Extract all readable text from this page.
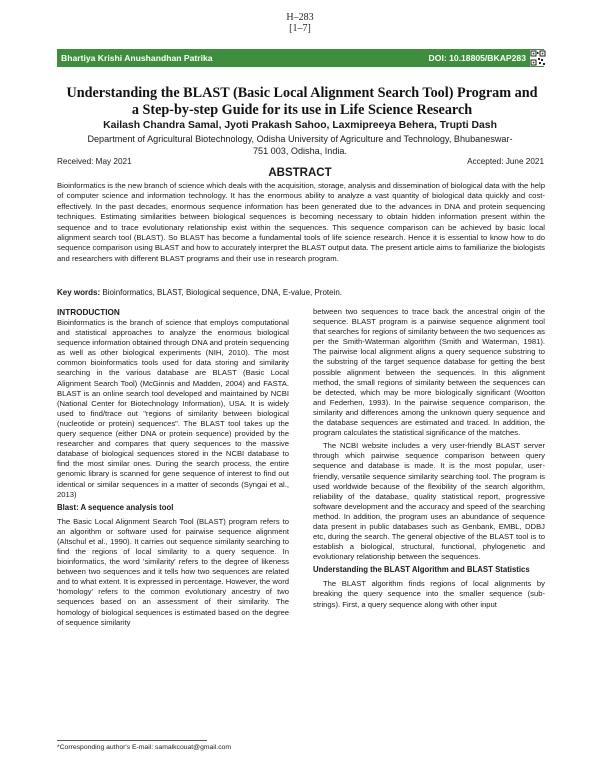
H–283
[1–7]
Bhartiya Krishi Anushandhan Patrika	DOI: 10.18805/BKAP283
Understanding the BLAST (Basic Local Alignment Search Tool) Program and a Step-by-step Guide for its use in Life Science Research
Kailash Chandra Samal, Jyoti Prakash Sahoo, Laxmipreeya Behera, Trupti Dash
Department of Agricultural Biotechnology, Odisha University of Agriculture and Technology, Bhubaneswar-751 003, Odisha, India.
Received: May 2021	Accepted: June 2021
ABSTRACT
Bioinformatics is the new branch of science which deals with the acquisition, storage, analysis and dissemination of biological data with the help of computer science and information technology. It has the enormous ability to analyze a vast quantity of biological data quickly and cost-effectively. In the past decades, enormous sequence information has been generated due to the advances in DNA and protein sequencing techniques. Estimating similarities between biological sequences is becoming necessary to obtain hidden information present within the sequence and to trace evolutionary relationship exist within the sequences. This sequence comparison can be achieved by basic local alignment search tool (BLAST). So BLAST has become a fundamental tools of life science research. Hence it is essential to know how to do sequence comparison using BLAST and how to accurately interpret the BLAST output data. The present article aims to familiarize the biologists and researchers with different BLAST programs and their use in research program.
Key words: Bioinformatics, BLAST, Biological sequence, DNA, E-value, Protein.
INTRODUCTION

Bioinformatics is the branch of science that employs computational and statistical approaches to analyze the enormous biological sequence information obtained through DNA and protein sequencing as well as other biological experiments (NIH, 2010). The most common bioinformatics tools used for data storing and similarity searching in the various database are BLAST (Basic Local Alignment Search Tool) (McGinnis and Madden, 2004) and FASTA. BLAST is an online search tool developed and maintained by NCBI (National Center for Biotechnology Information), USA. It is widely used to find/trace out "regions of similarity between biological (nucleotide or protein) sequences". The BLAST tool takes up the query sequence (either DNA or protein sequence) provided by the researcher and compares that query sequences to the massive database of biological sequences stored in the NCBI database to find the most similar ones. During the search process, the entire genomic library is scanned for gene sequence of interest to find out identical or similar sequences in a matter of seconds (Syngai et al., 2013)

Blast: A sequence analysis tool

The Basic Local Alignment Search Tool (BLAST) program refers to an algorithm or software used for pairwise sequence alignment (Altschul et al., 1990). It carries out sequence similarity searching to find the regions of local similarity to a query sequence. In bioinformatics, the word 'similarity' refers to the degree of likeness between two sequences and it tells how two sequences are related and to what extent. It is expressed in percentage. However, the word 'homology' refers to the common evolutionary ancestry of two sequences based on an assessment of their similarity. The homology of biological sequences is estimated based on the degree of sequence similarity

between two sequences to trace back the ancestral origin of the sequence. BLAST program is a pairwise sequence alignment tool that searches for regions of similarity between the two sequences as per the Smith-Waterman algorithm (Smith and Waterman, 1981). The pairwise local alignment aligns a query sequence substring to the substring of the target sequence database for getting the best possible alignment between the sequences. In this alignment method, the small regions of similarity between the sequences can be detected, which may be more biologically significant (Wootton and Federhen, 1993). In the pairwise sequence comparison, the similarity and differences among the unknown query sequence and the database sequences are estimated and traced. In addition, the program calculates the statistical significance of the matches.

The NCBI website includes a very user-friendly BLAST server through which pairwise sequence comparison between query sequence and database is made. It is the most popular, user-friendly, versatile sequence similarity searching tool. The program is used worldwide because of the flexibility of the search algorithm, reliability of the database, quality statistical report, progressive software development and the accuracy and speed of the searching method. In addition, the program uses an abundance of sequence data present in public databases such as Genbank, EMBL, DDBJ etc, during the search. The general objective of the BLAST tool is to establish a biological, structural, functional, phylogenetic and evolutionary relationship between the sequences.

Understanding the BLAST Algorithm and BLAST Statistics

The BLAST algorithm finds regions of local alignments by breaking the query sequence into the smaller sequence (sub-strings). First, a query sequence along with other input

*Corresponding author's E-mail: samalkcouat@gmail.com
